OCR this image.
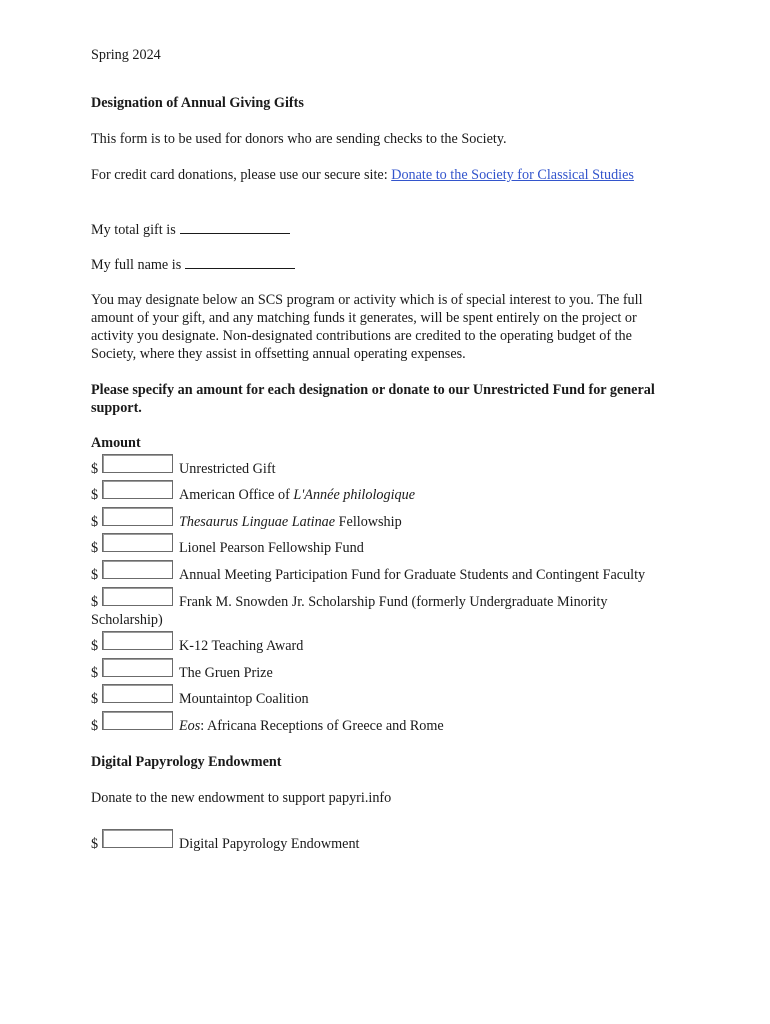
Spring 2024
Designation of Annual Giving Gifts
This form is to be used for donors who are sending checks to the Society.
For credit card donations, please use our secure site: Donate to the Society for Classical Studies
My total gift is
My full name is
You may designate below an SCS program or activity which is of special interest to you. The full amount of your gift, and any matching funds it generates, will be spent entirely on the project or activity you designate. Non-designated contributions are credited to the operating budget of the Society, where they assist in offsetting annual operating expenses.
Please specify an amount for each designation or donate to our Unrestricted Fund for general support.
Amount
$	Unrestricted Gift
$	American Office of L'Année philologique
$	Thesaurus Linguae Latinae Fellowship
$	Lionel Pearson Fellowship Fund
$	Annual Meeting Participation Fund for Graduate Students and Contingent Faculty
$	Frank M. Snowden Jr. Scholarship Fund (formerly Undergraduate Minority
Scholarship)
$	K-12 Teaching Award
$	The Gruen Prize
$	Mountaintop Coalition
$	Eos: Africana Receptions of Greece and Rome
Digital Papyrology Endowment
Donate to the new endowment to support papyri.info
$	Digital Papyrology Endowment
